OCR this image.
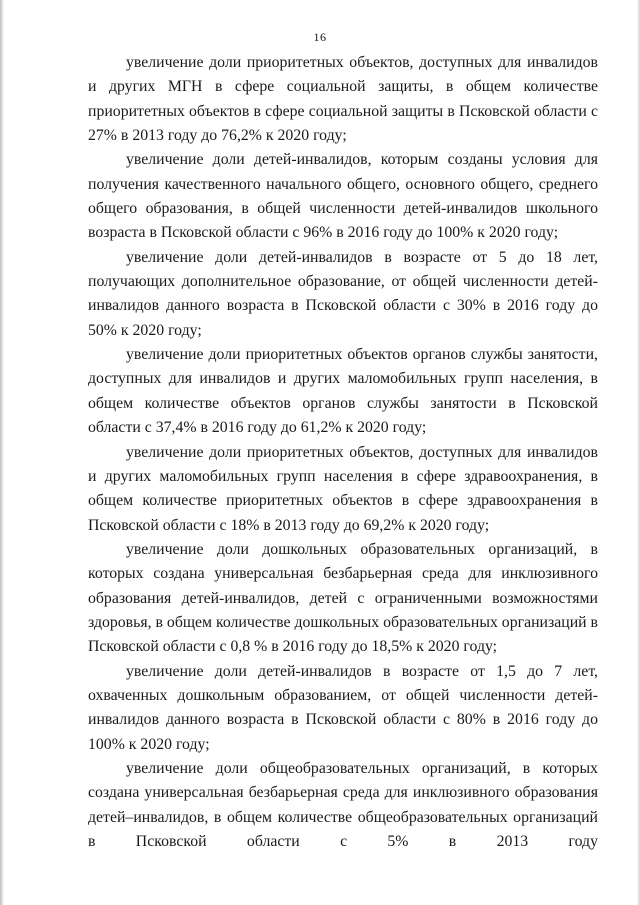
16

увеличение доли приоритетных объектов, доступных для инвалидов и других МГН в сфере социальной защиты, в общем количестве приоритетных объектов в сфере социальной защиты в Псковской области с 27% в 2013 году до 76,2% к 2020 году;

увеличение доли детей-инвалидов, которым созданы условия для получения качественного начального общего, основного общего, среднего общего образования, в общей численности детей-инвалидов школьного возраста в Псковской области с 96% в 2016 году до 100% к 2020 году;

увеличение доли детей-инвалидов в возрасте от 5 до 18 лет, получающих дополнительное образование, от общей численности детей-инвалидов данного возраста в Псковской области с 30% в 2016 году до 50% к 2020 году;

увеличение доли приоритетных объектов органов службы занятости, доступных для инвалидов и других маломобильных групп населения, в общем количестве объектов органов службы занятости в Псковской области с 37,4% в 2016 году до 61,2% к 2020 году;

увеличение доли приоритетных объектов, доступных для инвалидов и других маломобильных групп населения в сфере здравоохранения, в общем количестве приоритетных объектов в сфере здравоохранения в Псковской области с 18% в 2013 году до 69,2% к 2020 году;

увеличение доли дошкольных образовательных организаций, в которых создана универсальная безбарьерная среда для инклюзивного образования детей-инвалидов, детей с ограниченными возможностями здоровья, в общем количестве дошкольных образовательных организаций в Псковской области с 0,8 % в 2016 году до 18,5% к 2020 году;

увеличение доли детей-инвалидов в возрасте от 1,5 до 7 лет, охваченных дошкольным образованием, от общей численности детей-инвалидов данного возраста в Псковской области с 80% в 2016 году до 100% к 2020 году;

увеличение доли общеобразовательных организаций, в которых создана универсальная безбарьерная среда для инклюзивного образования детей–инвалидов, в общем количестве общеобразовательных организаций в Псковской области с 5% в 2013 году
